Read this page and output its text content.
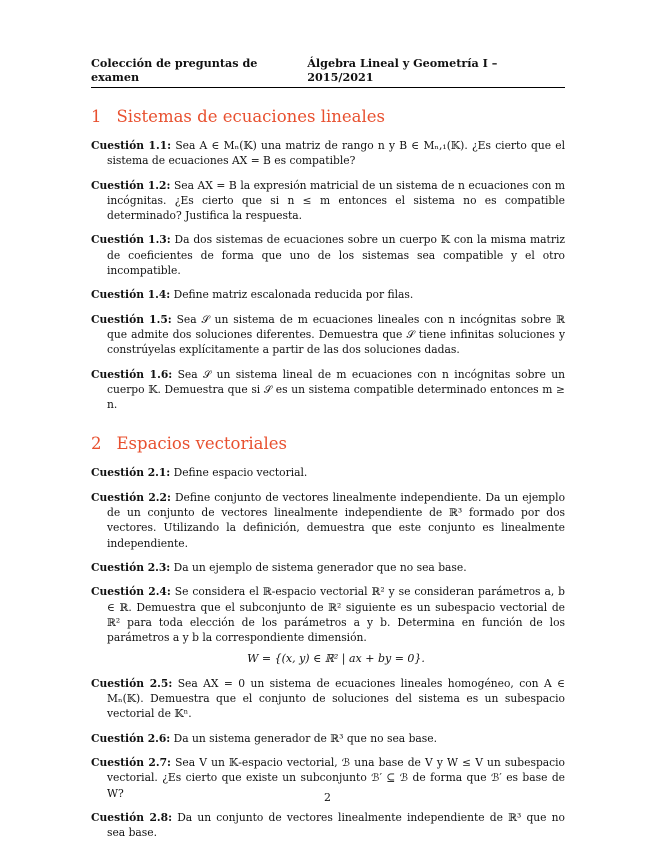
Colección de preguntas de examen
Álgebra Lineal y Geometría I – 2015/2021
1 Sistemas de ecuaciones lineales
Cuestión 1.1: Sea A ∈ Mₙ(𝕂) una matriz de rango n y B ∈ Mₙ,₁(𝕂). ¿Es cierto que el sistema de ecuaciones AX = B es compatible?
Cuestión 1.2: Sea AX = B la expresión matricial de un sistema de n ecuaciones con m incógnitas. ¿Es cierto que si n ≤ m entonces el sistema no es compatible determinado? Justifica la respuesta.
Cuestión 1.3: Da dos sistemas de ecuaciones sobre un cuerpo 𝕂 con la misma matriz de coeficientes de forma que uno de los sistemas sea compatible y el otro incompatible.
Cuestión 1.4: Define matriz escalonada reducida por filas.
Cuestión 1.5: Sea 𝒮 un sistema de m ecuaciones lineales con n incógnitas sobre ℝ que admite dos soluciones diferentes. Demuestra que 𝒮 tiene infinitas soluciones y constrúyelas explícitamente a partir de las dos soluciones dadas.
Cuestión 1.6: Sea 𝒮 un sistema lineal de m ecuaciones con n incógnitas sobre un cuerpo 𝕂. Demuestra que si 𝒮 es un sistema compatible determinado entonces m ≥ n.
2 Espacios vectoriales
Cuestión 2.1: Define espacio vectorial.
Cuestión 2.2: Define conjunto de vectores linealmente independiente. Da un ejemplo de un conjunto de vectores linealmente independiente de ℝ³ formado por dos vectores. Utilizando la definición, demuestra que este conjunto es linealmente independiente.
Cuestión 2.3: Da un ejemplo de sistema generador que no sea base.
Cuestión 2.4: Se considera el ℝ-espacio vectorial ℝ² y se consideran parámetros a, b ∈ ℝ. Demuestra que el subconjunto de ℝ² siguiente es un subespacio vectorial de ℝ² para toda elección de los parámetros a y b. Determina en función de los parámetros a y b la correspondiente dimensión.
W = {(x, y) ∈ ℝ² | ax + by = 0}.
Cuestión 2.5: Sea AX = 0 un sistema de ecuaciones lineales homogéneo, con A ∈ Mₙ(𝕂). Demuestra que el conjunto de soluciones del sistema es un subespacio vectorial de 𝕂ⁿ.
Cuestión 2.6: Da un sistema generador de ℝ³ que no sea base.
Cuestión 2.7: Sea V un 𝕂-espacio vectorial, ℬ una base de V y W ≤ V un subespacio vectorial. ¿Es cierto que existe un subconjunto ℬ′ ⊆ ℬ de forma que ℬ′ es base de W?
Cuestión 2.8: Da un conjunto de vectores linealmente independiente de ℝ³ que no sea base.
2
